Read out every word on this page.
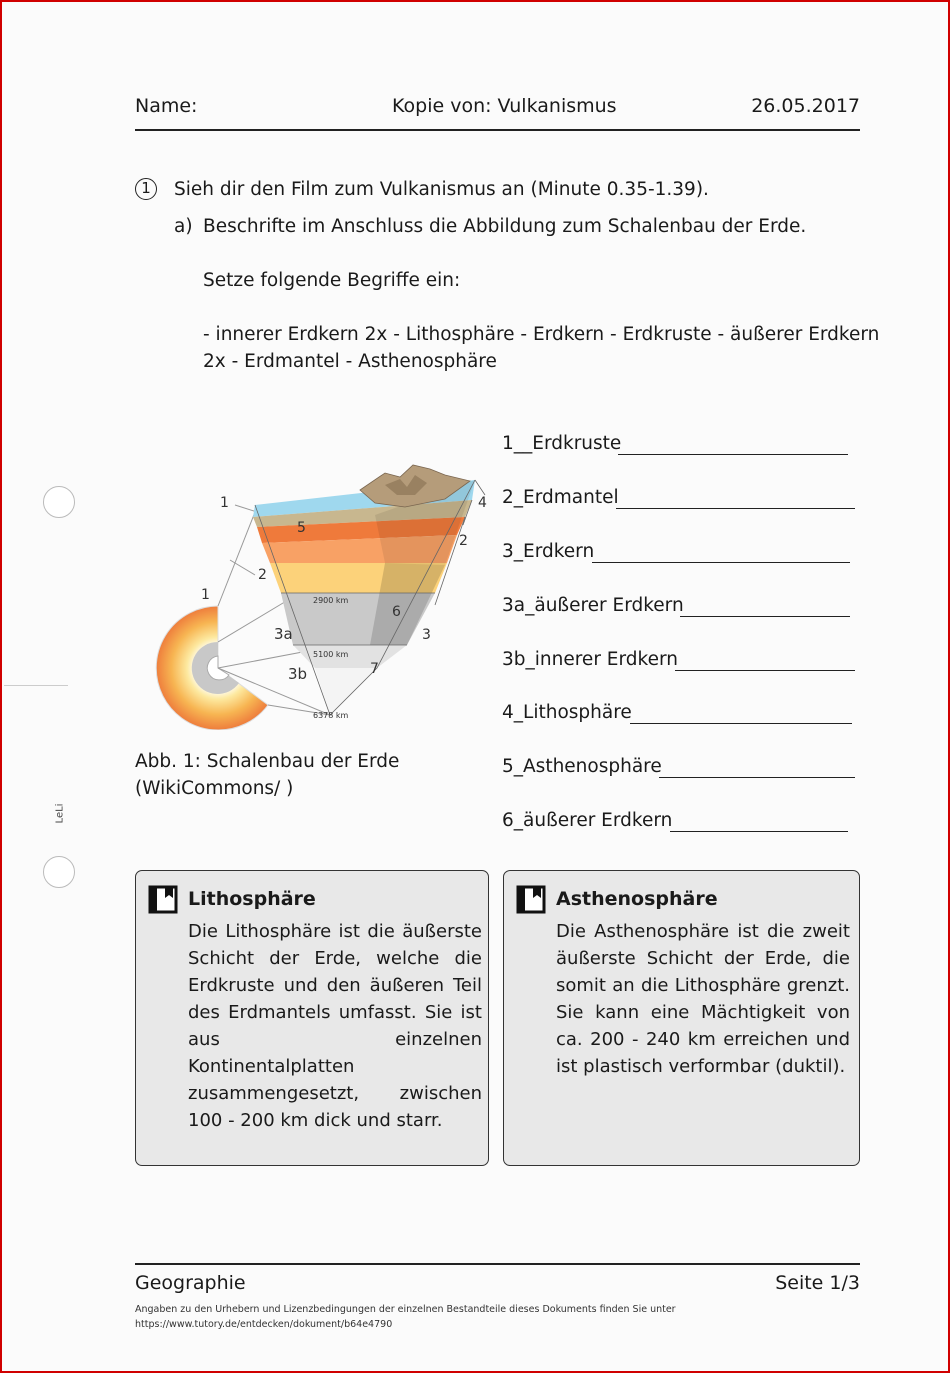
LeLi
Name:	Kopie von: Vulkanismus	26.05.2017
1	Sieh dir den Film zum Vulkanismus an (Minute 0.35-1.39).
a) Beschrifte im Anschluss die Abbildung zum Schalenbau der Erde.
Setze folgende Begriffe ein:
- innerer Erdkern 2x - Lithosphäre - Erdkern - Erdkruste - äußerer Erdkern
2x - Erdmantel - Asthenosphäre
1
1
2
2
3
3a
3b
4
5
6
7
2900 km
5100 km
6378 km
Abb. 1: Schalenbau der Erde
(WikiCommons/ )
1__Erdkruste
2_Erdmantel
3_Erdkern
3a_äußerer Erdkern
3b_innerer Erdkern
4_Lithosphäre
5_Asthenosphäre
6_äußerer Erdkern
Lithosphäre
Die Lithosphäre ist die äußerste Schicht der Erde, welche die Erdkruste und den äußeren Teil des Erdmantels umfasst. Sie ist aus einzelnen Kontinentalplatten zusammengesetzt, zwischen 100 - 200 km dick und starr.
Asthenosphäre
Die Asthenosphäre ist die zweit äußerste Schicht der Erde, die somit an die Lithosphäre grenzt. Sie kann eine Mächtigkeit von ca. 200 - 240 km erreichen und ist plastisch verformbar (duktil).
Geographie	Seite 1/3
Angaben zu den Urhebern und Lizenzbedingungen der einzelnen Bestandteile dieses Dokuments finden Sie unter
https://www.tutory.de/entdecken/dokument/b64e4790
